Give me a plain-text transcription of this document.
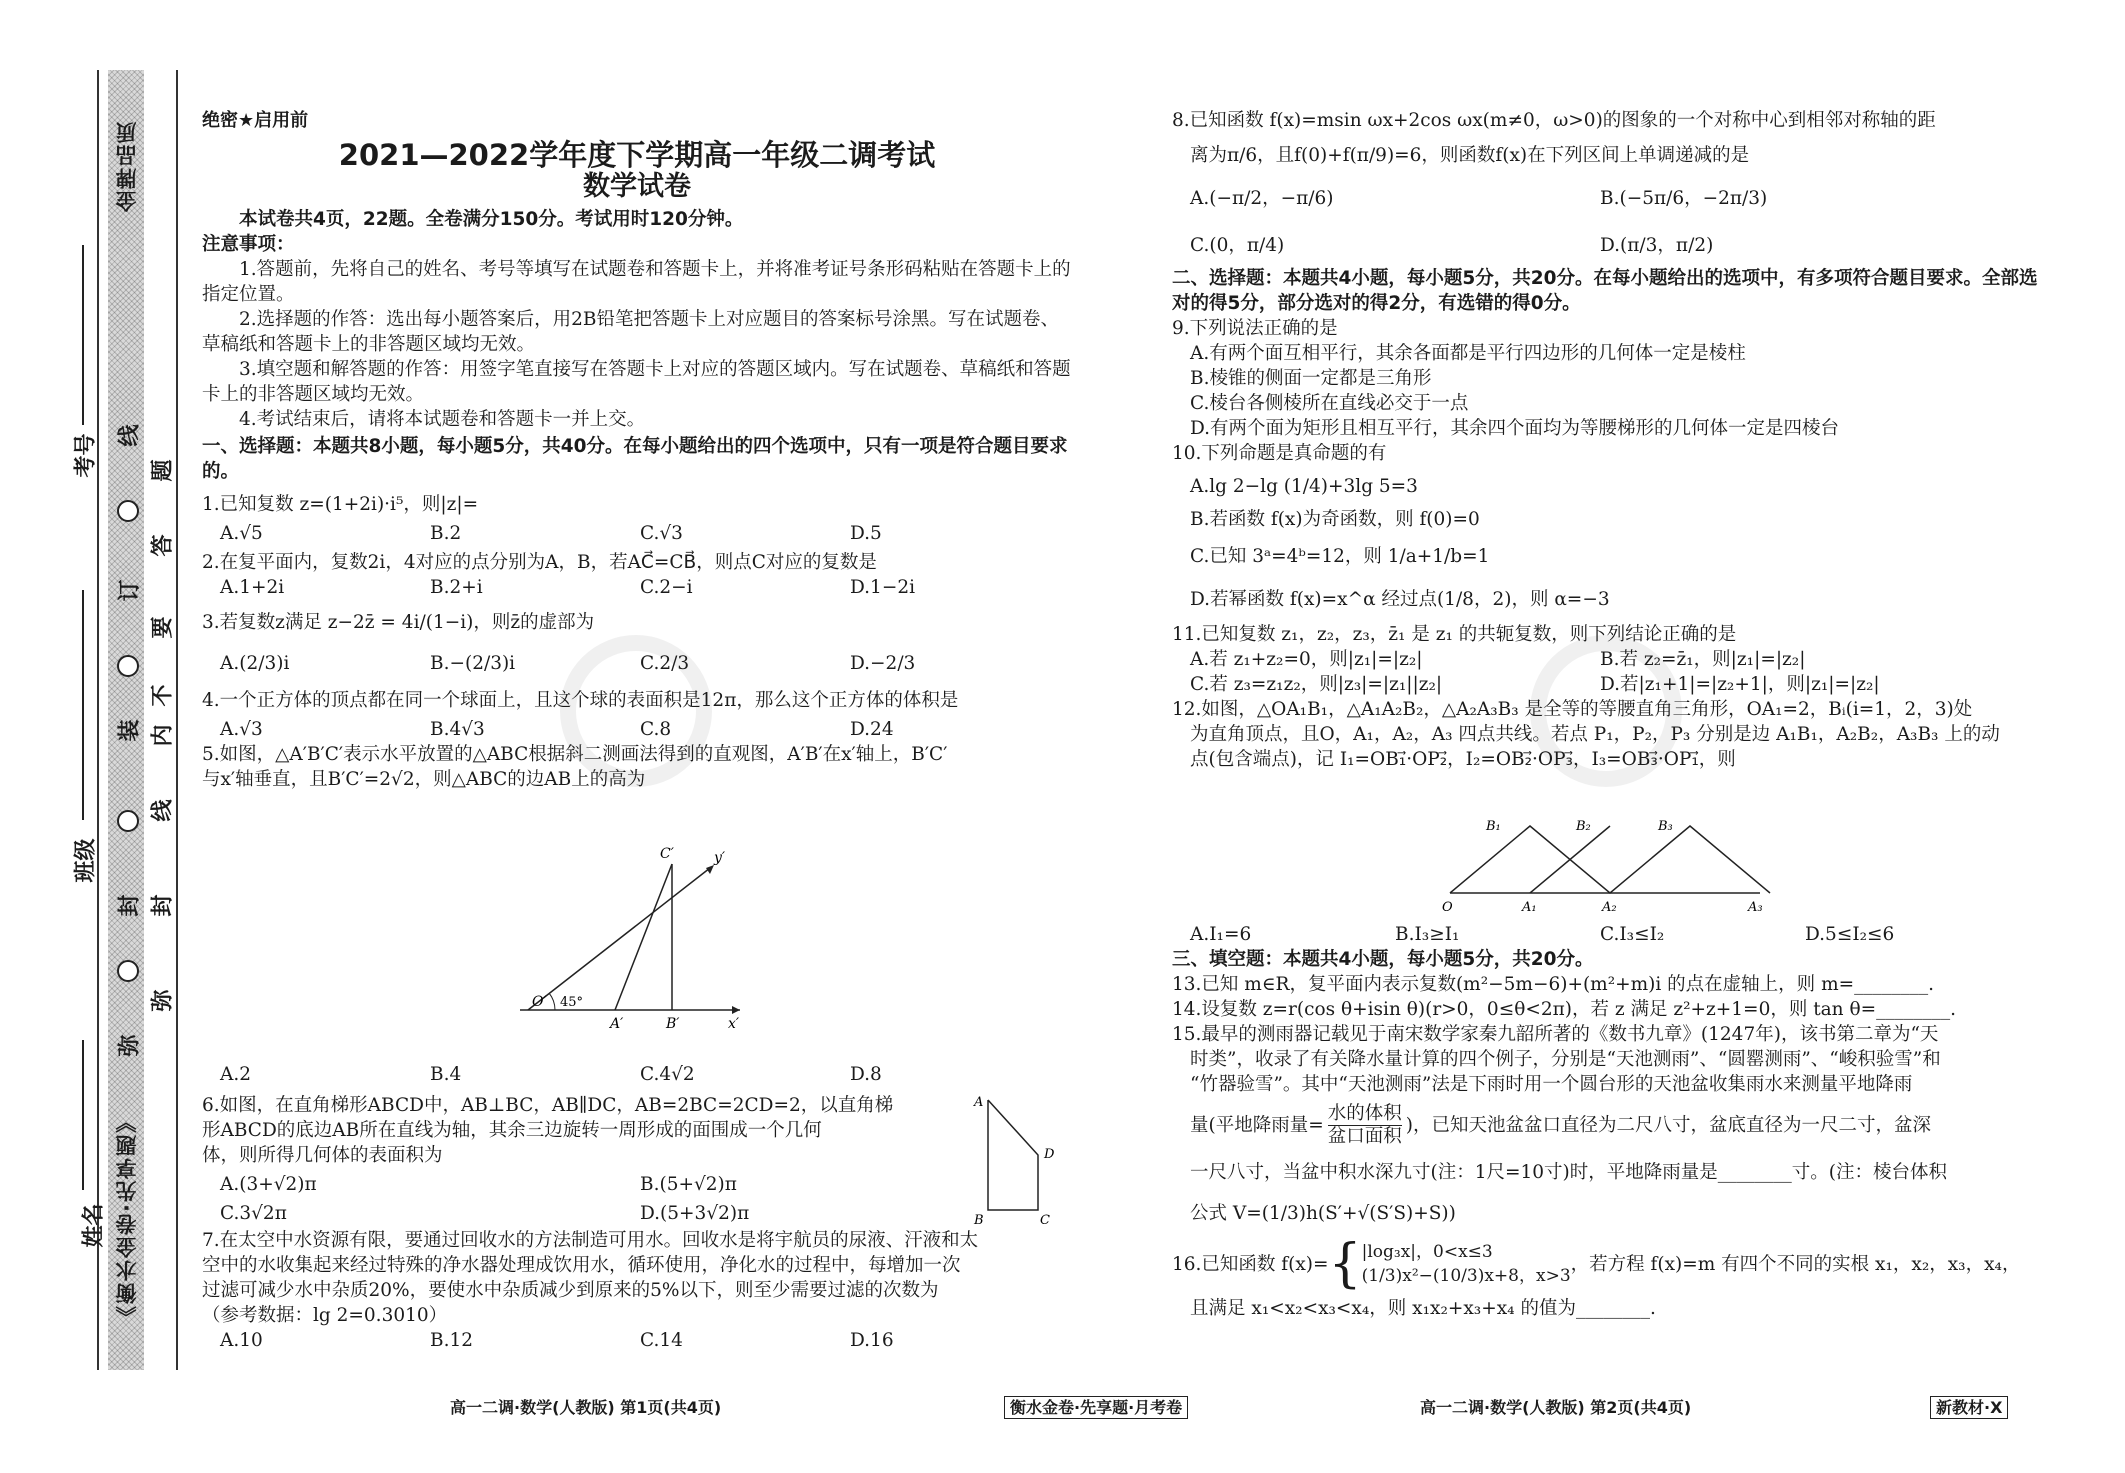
《衡水金卷·先享题》
金牌品质
弥
封
线
内
不
要
答
题
弥
封
装
订
线
姓名
班级
考号
绝密★启用前
2021—2022学年度下学期高一年级二调考试
数学试卷
本试卷共4页，22题。全卷满分150分。考试用时120分钟。
注意事项：
1.答题前，先将自己的姓名、考号等填写在试题卷和答题卡上，并将准考证号条形码粘贴在答题卡上的指定位置。
2.选择题的作答：选出每小题答案后，用2B铅笔把答题卡上对应题目的答案标号涂黑。写在试题卷、草稿纸和答题卡上的非答题区域均无效。
3.填空题和解答题的作答：用签字笔直接写在答题卡上对应的答题区域内。写在试题卷、草稿纸和答题卡上的非答题区域均无效。
4.考试结束后，请将本试题卷和答题卡一并上交。
一、选择题：本题共8小题，每小题5分，共40分。在每小题给出的四个选项中，只有一项是符合题目要求的。
1.已知复数 z=(1+2i)·i⁵，则|z|=
A.√5	B.2	C.√3	D.5
2.在复平面内，复数2i，4对应的点分别为A，B，若AC⃗=CB⃗，则点C对应的复数是
A.1+2i	B.2+i	C.2−i	D.1−2i
3.若复数z满足 z−2z̄ = 4i/(1−i)，则z̄的虚部为
A.(2/3)i	B.−(2/3)i	C.2/3	D.−2/3
4.一个正方体的顶点都在同一个球面上，且这个球的表面积是12π，那么这个正方体的体积是
A.√3	B.4√3	C.8	D.24
5.如图，△A′B′C′表示水平放置的△ABC根据斜二测画法得到的直观图，A′B′在x′轴上，B′C′
与x′轴垂直，且B′C′=2√2，则△ABC的边AB上的高为
C′	y′
O′ 45°
A′	B′	x′
A.2	B.4	C.4√2	D.8
6.如图，在直角梯形ABCD中，AB⊥BC，AB∥DC，AB=2BC=2CD=2，以直角梯
形ABCD的底边AB所在直线为轴，其余三边旋转一周形成的面围成一个几何
体，则所得几何体的表面积为
A.(3+√2)π	B.(5+√2)π
C.3√2π	D.(5+3√2)π
7.在太空中水资源有限，要通过回收水的方法制造可用水。回收水是将宇航员的尿液、汗液和太
空中的水收集起来经过特殊的净水器处理成饮用水，循环使用，净化水的过程中，每增加一次
过滤可减少水中杂质20%，要使水中杂质减少到原来的5%以下，则至少需要过滤的次数为
（参考数据：lg 2=0.3010）
A.10	B.12	C.14	D.16
A
B	C
D
8.已知函数 f(x)=msin ωx+2cos ωx(m≠0，ω>0)的图象的一个对称中心到相邻对称轴的距
离为π/6，且f(0)+f(π/9)=6，则函数f(x)在下列区间上单调递减的是
A.(−π/2，−π/6)	B.(−5π/6，−2π/3)
C.(0，π/4)	D.(π/3，π/2)
二、选择题：本题共4小题，每小题5分，共20分。在每小题给出的选项中，有多项符合题目要求。全部选对的得5分，部分选对的得2分，有选错的得0分。
9.下列说法正确的是
A.有两个面互相平行，其余各面都是平行四边形的几何体一定是棱柱
B.棱锥的侧面一定都是三角形
C.棱台各侧棱所在直线必交于一点
D.有两个面为矩形且相互平行，其余四个面均为等腰梯形的几何体一定是四棱台
10.下列命题是真命题的有
A.lg 2−lg (1/4)+3lg 5=3
B.若函数 f(x)为奇函数，则 f(0)=0
C.已知 3ᵃ=4ᵇ=12，则 1/a+1/b=1
D.若幂函数 f(x)=x^α 经过点(1/8，2)，则 α=−3
11.已知复数 z₁，z₂，z₃，z̄₁ 是 z₁ 的共轭复数，则下列结论正确的是
A.若 z₁+z₂=0，则|z₁|=|z₂|	B.若 z₂=z̄₁，则|z₁|=|z₂|
C.若 z₃=z₁z₂，则|z₃|=|z₁||z₂|	D.若|z₁+1|=|z₂+1|，则|z₁|=|z₂|
12.如图，△OA₁B₁，△A₁A₂B₂，△A₂A₃B₃ 是全等的等腰直角三角形，OA₁=2，Bᵢ(i=1，2，3)处
为直角顶点，且O，A₁，A₂，A₃ 四点共线。若点 P₁，P₂，P₃ 分别是边 A₁B₁，A₂B₂，A₃B₃ 上的动
点(包含端点)，记 I₁=OB₁⃗·OP₂⃗，I₂=OB₂⃗·OP₃⃗，I₃=OB₃⃗·OP₁⃗，则
O	A₁	A₂	A₃
B₁	B₂	B₃
A.I₁=6	B.I₃≥I₁	C.I₃≤I₂	D.5≤I₂≤6
三、填空题：本题共4小题，每小题5分，共20分。
13.已知 m∈R，复平面内表示复数(m²−5m−6)+(m²+m)i 的点在虚轴上，则 m=________.
14.设复数 z=r(cos θ+isin θ)(r>0，0≤θ<2π)，若 z 满足 z²+z+1=0，则 tan θ=________.
15.最早的测雨器记载见于南宋数学家秦九韶所著的《数书九章》(1247年)，该书第二章为“天
时类”，收录了有关降水量计算的四个例子，分别是“天池测雨”、“圆罂测雨”、“峻积验雪”和
“竹器验雪”。其中“天池测雨”法是下雨时用一个圆台形的天池盆收集雨水来测量平地降雨
量(平地降雨量=
水的体积
盆口面积
)，已知天池盆盆口直径为二尺八寸，盆底直径为一尺二寸，盆深
一尺八寸，当盆中积水深九寸(注：1尺=10寸)时，平地降雨量是________寸。(注：棱台体积
公式 V=(1/3)h(S′+√(S′S)+S))
16.已知函数 f(x)= { |log₃x|，0<x≤3
(1/3)x²−(10/3)x+8，x>3
，若方程 f(x)=m 有四个不同的实根 x₁，x₂，x₃，x₄，
且满足 x₁<x₂<x₃<x₄，则 x₁x₂+x₃+x₄ 的值为________.
高一二调·数学(人教版) 第1页(共4页)	衡水金卷·先享题·月考卷	高一二调·数学(人教版) 第2页(共4页)	新教材·X
